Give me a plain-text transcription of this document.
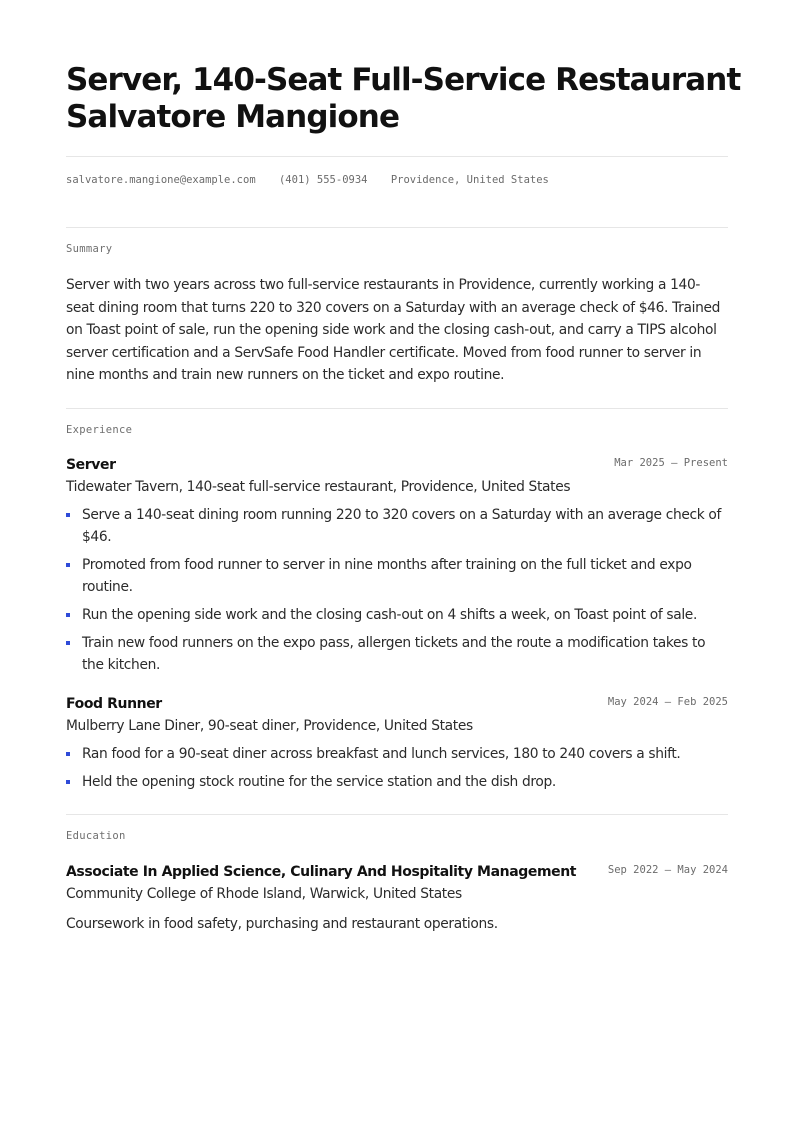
Server, 140-Seat Full-Service Restaurant
Salvatore Mangione
salvatore.mangione@example.com (401) 555-0934 Providence, United States
Summary

Server with two years across two full-service restaurants in Providence, currently working a 140-seat dining room that turns 220 to 320 covers on a Saturday with an average check of $46. Trained on Toast point of sale, run the opening side work and the closing cash-out, and carry a TIPS alcohol server certification and a ServSafe Food Handler certificate. Moved from food runner to server in nine months and train new runners on the ticket and expo routine.

Experience
Server	Mar 2025 — Present
Tidewater Tavern, 140-seat full-service restaurant, Providence, United States
Serve a 140-seat dining room running 220 to 320 covers on a Saturday with an average check of $46.
Promoted from food runner to server in nine months after training on the full ticket and expo routine.
Run the opening side work and the closing cash-out on 4 shifts a week, on Toast point of sale.
Train new food runners on the expo pass, allergen tickets and the route a modification takes to the kitchen.
Food Runner	May 2024 — Feb 2025
Mulberry Lane Diner, 90-seat diner, Providence, United States
Ran food for a 90-seat diner across breakfast and lunch services, 180 to 240 covers a shift.
Held the opening stock routine for the service station and the dish drop.
Education
Associate In Applied Science, Culinary And Hospitality Management	Sep 2022 — May 2024
Community College of Rhode Island, Warwick, United States

Coursework in food safety, purchasing and restaurant operations.
